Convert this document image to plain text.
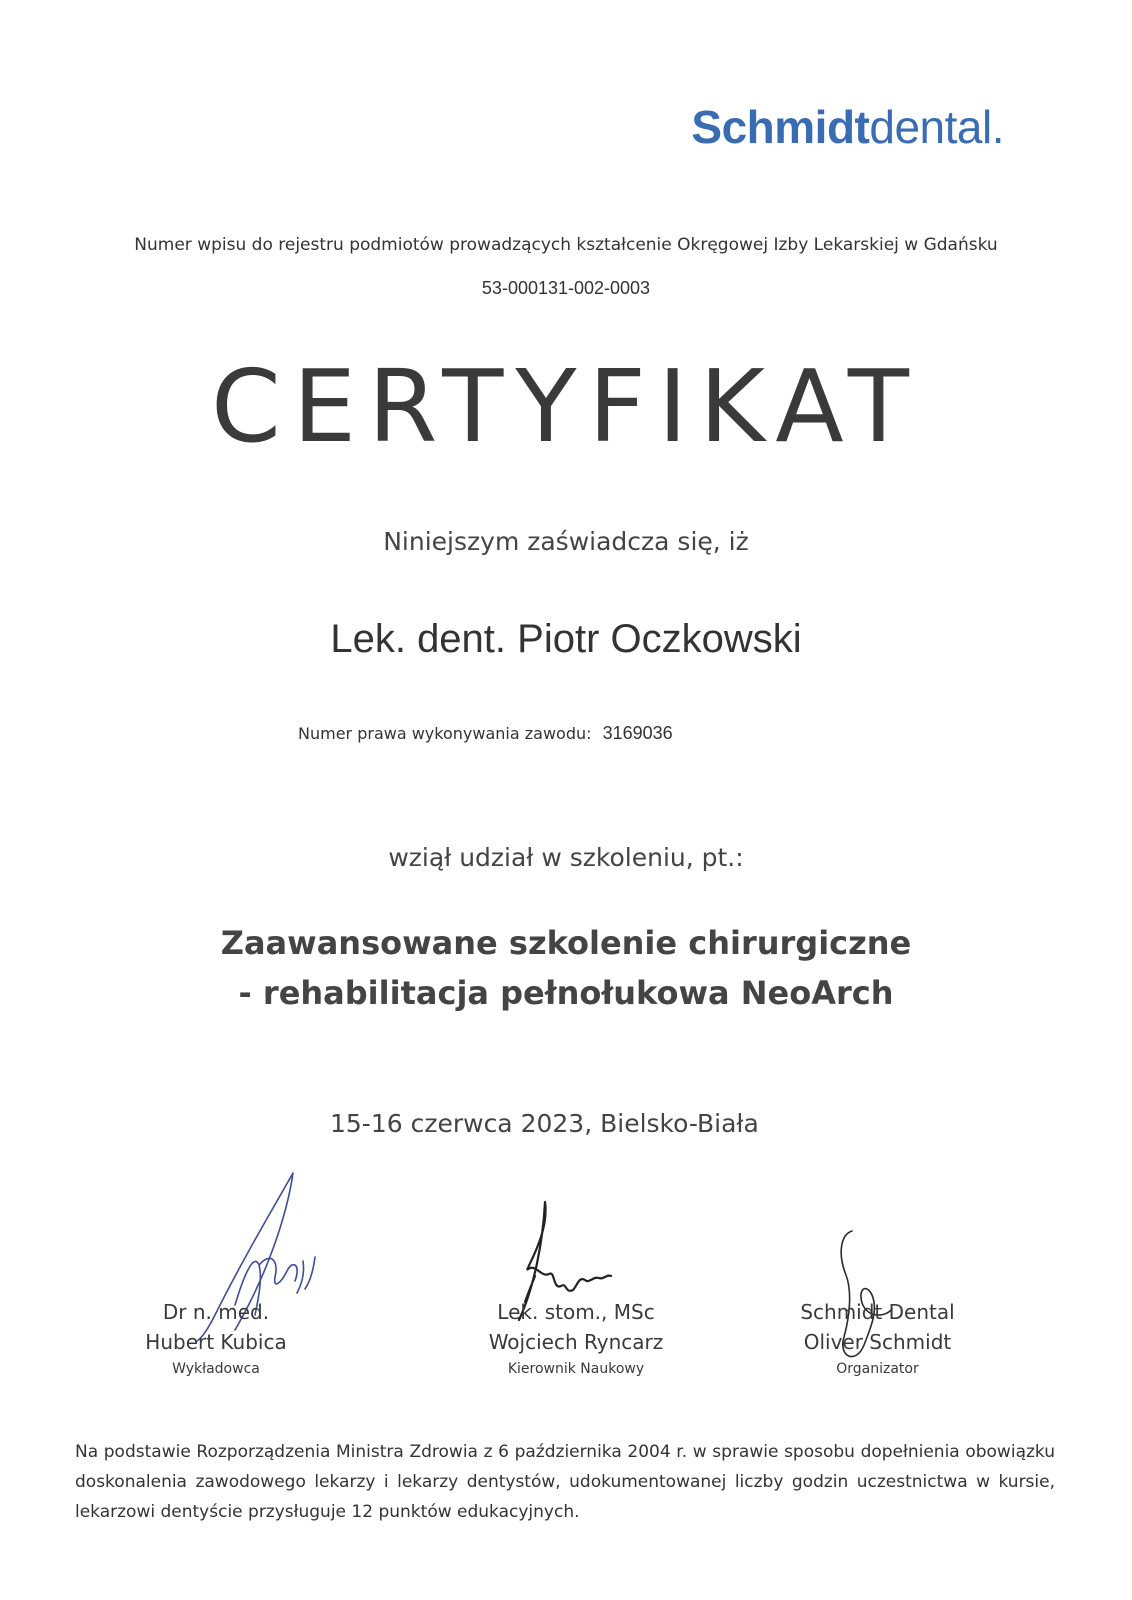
Schmidtdental.
Numer wpisu do rejestru podmiotów prowadzących kształcenie Okręgowej Izby Lekarskiej w Gdańsku
53-000131-002-0003
CERTYFIKAT
Niniejszym zaświadcza się, iż
Lek. dent. Piotr Oczkowski
Numer prawa wykonywania zawodu: 3169036
wziął udział w szkoleniu, pt.:
Zaawansowane szkolenie chirurgiczne
- rehabilitacja pełnołukowa NeoArch
15-16 czerwca 2023, Bielsko-Biała
Dr n. med.
Hubert Kubica
Wykładowca
Lek. stom., MSc
Wojciech Ryncarz
Kierownik Naukowy
Schmidt Dental
Oliver Schmidt
Organizator
Na podstawie Rozporządzenia Ministra Zdrowia z 6 października 2004 r. w sprawie sposobu dopełnienia obowiązku doskonalenia zawodowego lekarzy i lekarzy dentystów, udokumentowanej liczby godzin uczestnictwa w kursie, lekarzowi dentyście przysługuje 12 punktów edukacyjnych.
